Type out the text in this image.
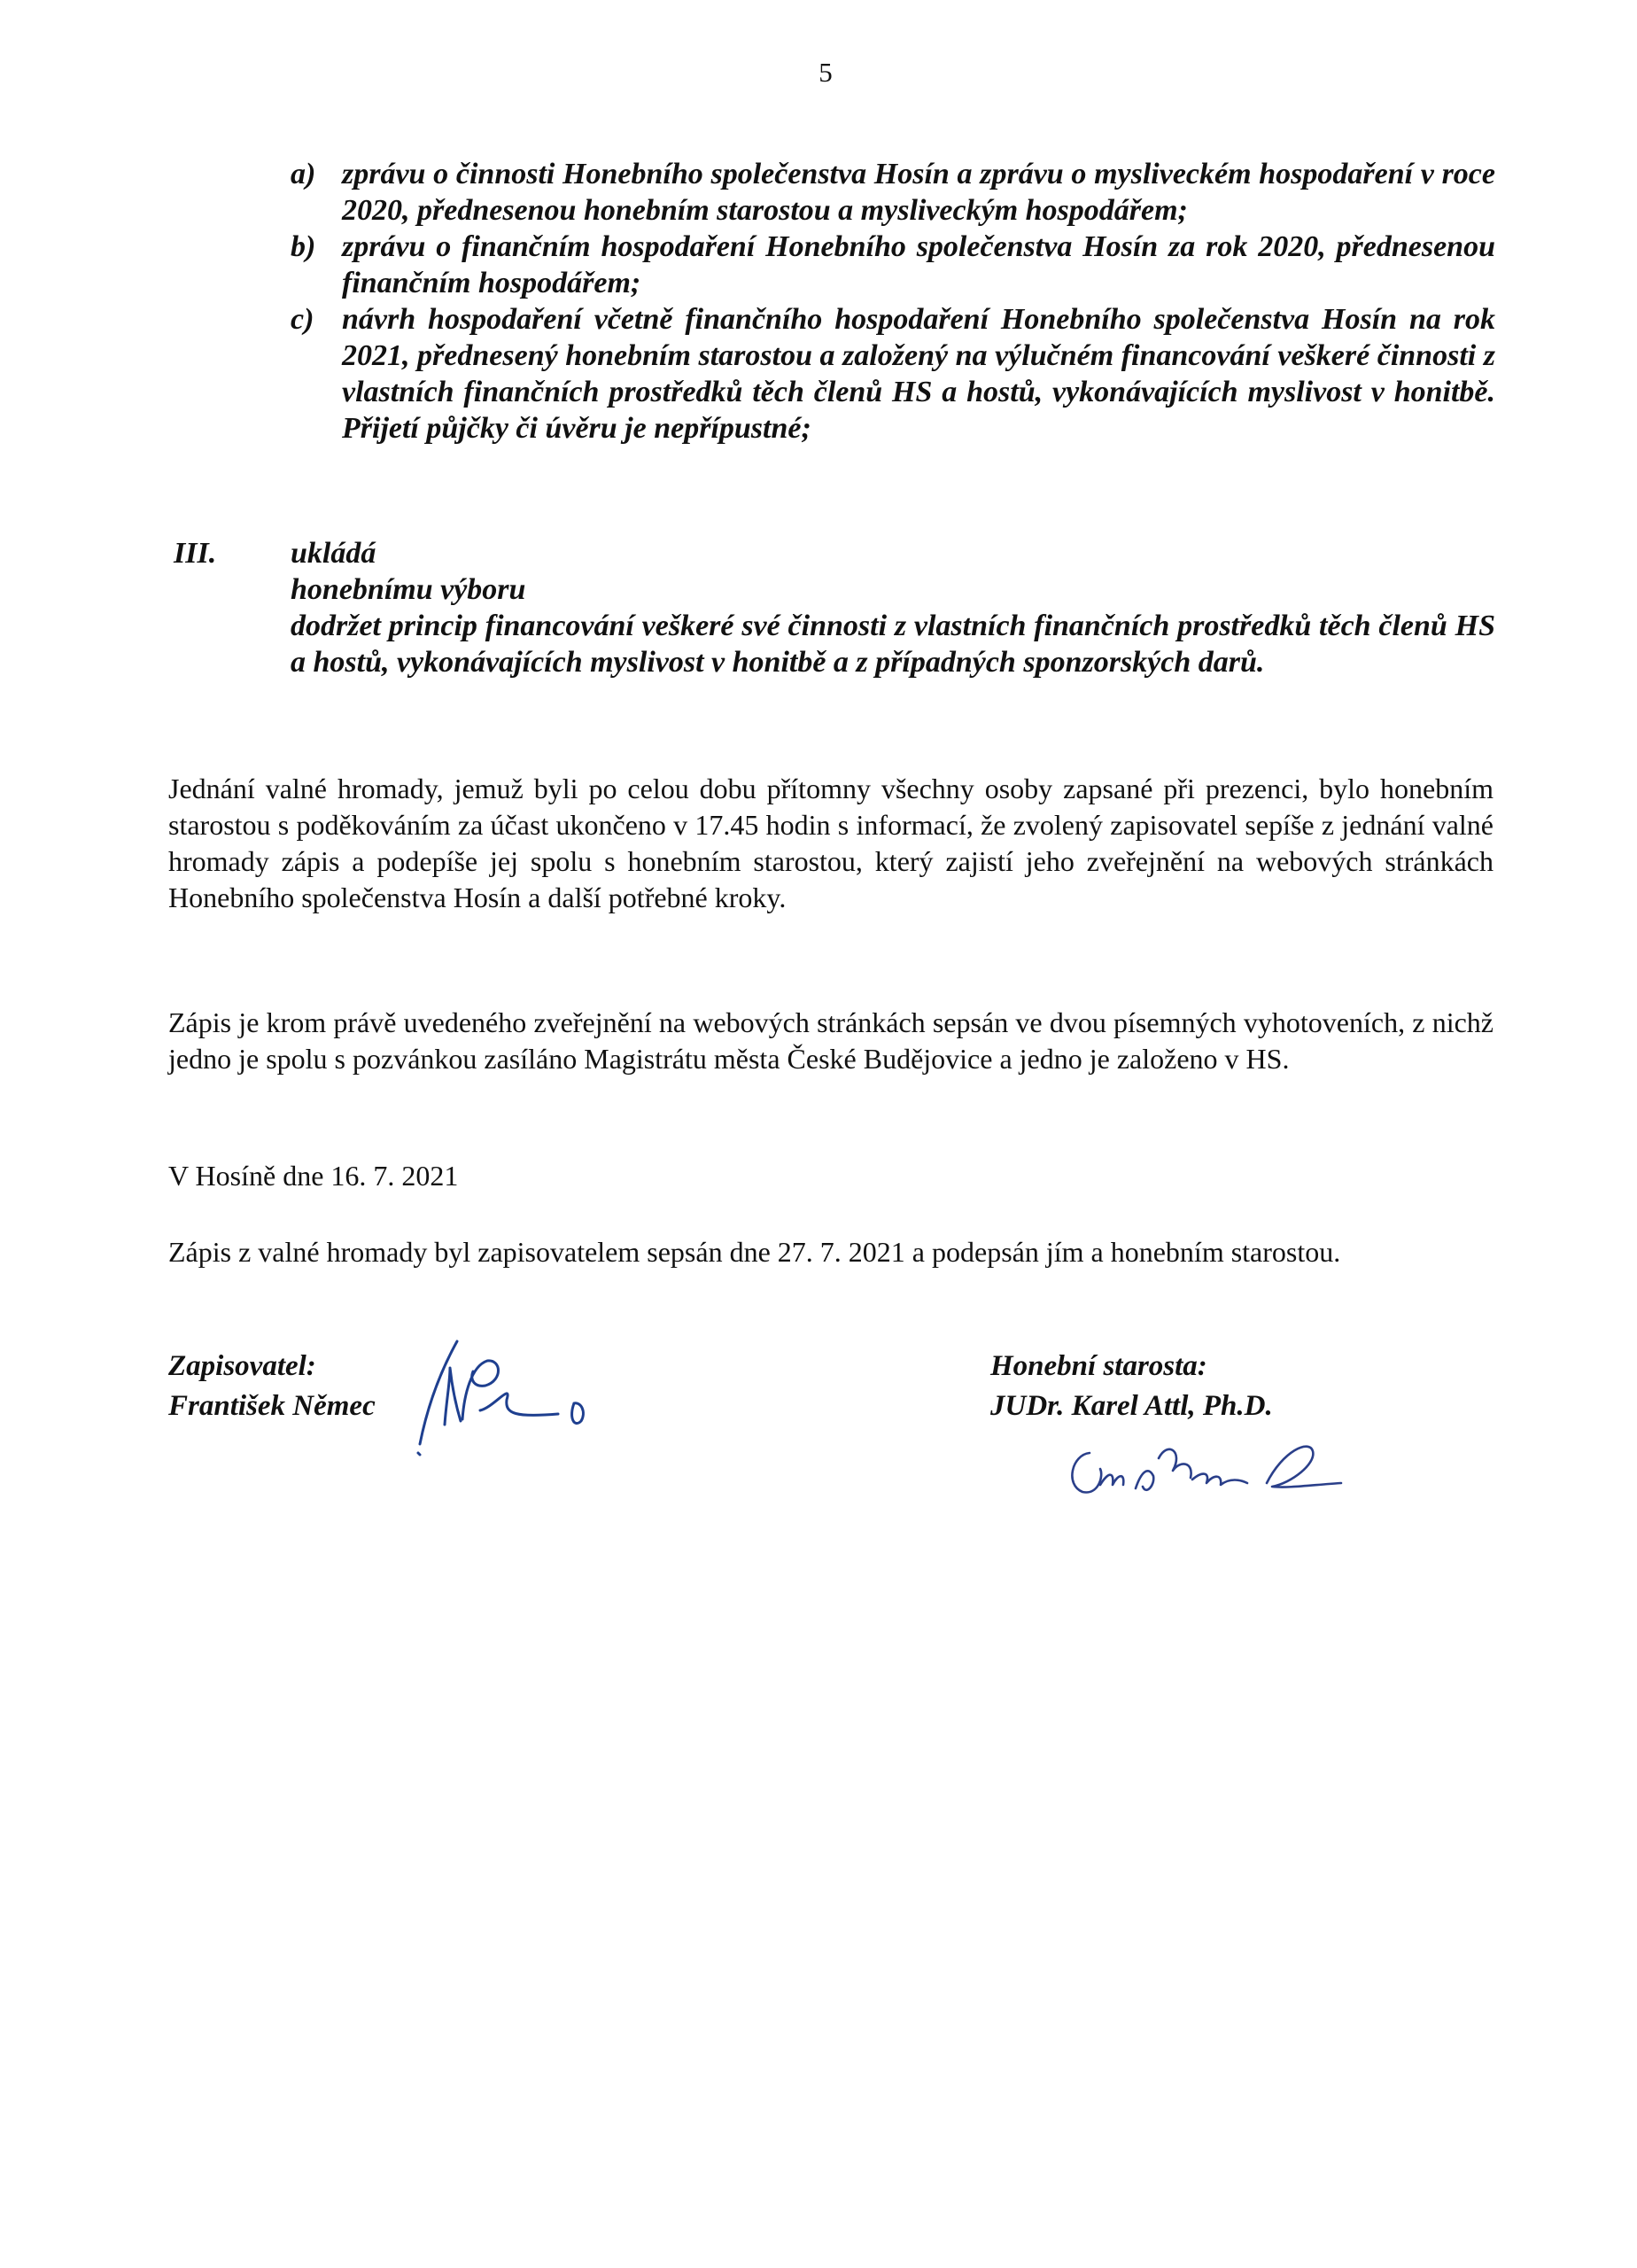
5
a) zprávu o činnosti Honebního společenstva Hosín a zprávu o mysliveckém hospodaření v roce 2020, přednesenou honebním starostou a mysliveckým hospodářem;
b) zprávu o finančním hospodaření Honebního společenstva Hosín za rok 2020, přednesenou finančním hospodářem;
c) návrh hospodaření včetně finančního hospodaření Honebního společenstva Hosín na rok 2021, přednesený honebním starostou a založený na výlučném financování veškeré činnosti z vlastních finančních prostředků těch členů HS a hostů, vykonávajících myslivost v honitbě. Přijetí půjčky či úvěru je nepřípustné;
III. ukládá
honebnímu výboru
dodržet princip financování veškeré své činnosti z vlastních finančních prostředků těch členů HS a hostů, vykonávajících myslivost v honitbě a z případných sponzorských darů.
Jednání valné hromady, jemuž byli po celou dobu přítomny všechny osoby zapsané při prezenci, bylo honebním starostou s poděkováním za účast ukončeno v 17.45 hodin s informací, že zvolený zapisovatel sepíše z jednání valné hromady zápis a podepíše jej spolu s honebním starostou, který zajistí jeho zveřejnění na webových stránkách Honebního společenstva Hosín a další potřebné kroky.
Zápis je krom právě uvedeného zveřejnění na webových stránkách sepsán ve dvou písemných vyhotoveních, z nichž jedno je spolu s pozvánkou zasíláno Magistrátu města České Budějovice a jedno je založeno v HS.
V Hosíně dne 16. 7. 2021
Zápis z valné hromady byl zapisovatelem sepsán dne 27. 7. 2021 a podepsán jím a honebním starostou.
Zapisovatel:
František Němec
Honební starosta:
JUDr. Karel Attl, Ph.D.
